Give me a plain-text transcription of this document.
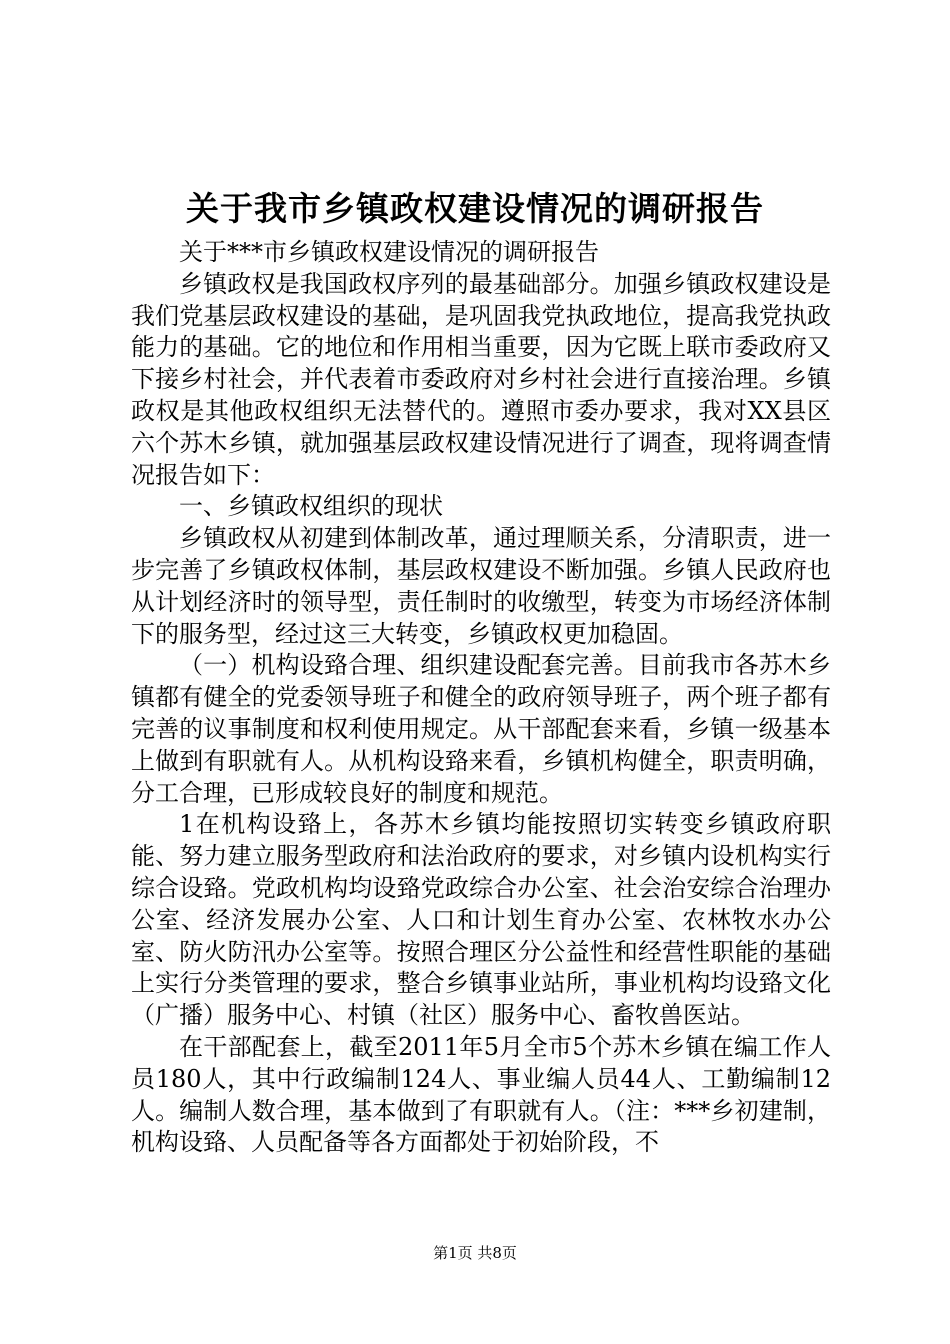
关于我市乡镇政权建设情况的调研报告

关于***市乡镇政权建设情况的调研报告

乡镇政权是我国政权序列的最基础部分。加强乡镇政权建设是我们党基层政权建设的基础，是巩固我党执政地位，提高我党执政能力的基础。它的地位和作用相当重要，因为它既上联市委政府又下接乡村社会，并代表着市委政府对乡村社会进行直接治理。乡镇政权是其他政权组织无法替代的。遵照市委办要求，我对XX县区六个苏木乡镇，就加强基层政权建设情况进行了调查，现将调查情况报告如下：

一、乡镇政权组织的现状

乡镇政权从初建到体制改革，通过理顺关系，分清职责，进一步完善了乡镇政权体制，基层政权建设不断加强。乡镇人民政府也从计划经济时的领导型，责任制时的收缴型，转变为市场经济体制下的服务型，经过这三大转变，乡镇政权更加稳固。

（一）机构设臵合理、组织建设配套完善。目前我市各苏木乡镇都有健全的党委领导班子和健全的政府领导班子，两个班子都有完善的议事制度和权利使用规定。从干部配套来看，乡镇一级基本上做到有职就有人。从机构设臵来看，乡镇机构健全，职责明确，分工合理，已形成较良好的制度和规范。

1在机构设臵上，各苏木乡镇均能按照切实转变乡镇政府职能、努力建立服务型政府和法治政府的要求，对乡镇内设机构实行综合设臵。党政机构均设臵党政综合办公室、社会治安综合治理办公室、经济发展办公室、人口和计划生育办公室、农林牧水办公室、防火防汛办公室等。按照合理区分公益性和经营性职能的基础上实行分类管理的要求，整合乡镇事业站所，事业机构均设臵文化（广播）服务中心、村镇（社区）服务中心、畜牧兽医站。

在干部配套上，截至2011年5月全市5个苏木乡镇在编工作人员180人，其中行政编制124人、事业编人员44人、工勤编制12人。编制人数合理，基本做到了有职就有人。（注：***乡初建制，机构设臵、人员配备等各方面都处于初始阶段，不

第1页 共8页
